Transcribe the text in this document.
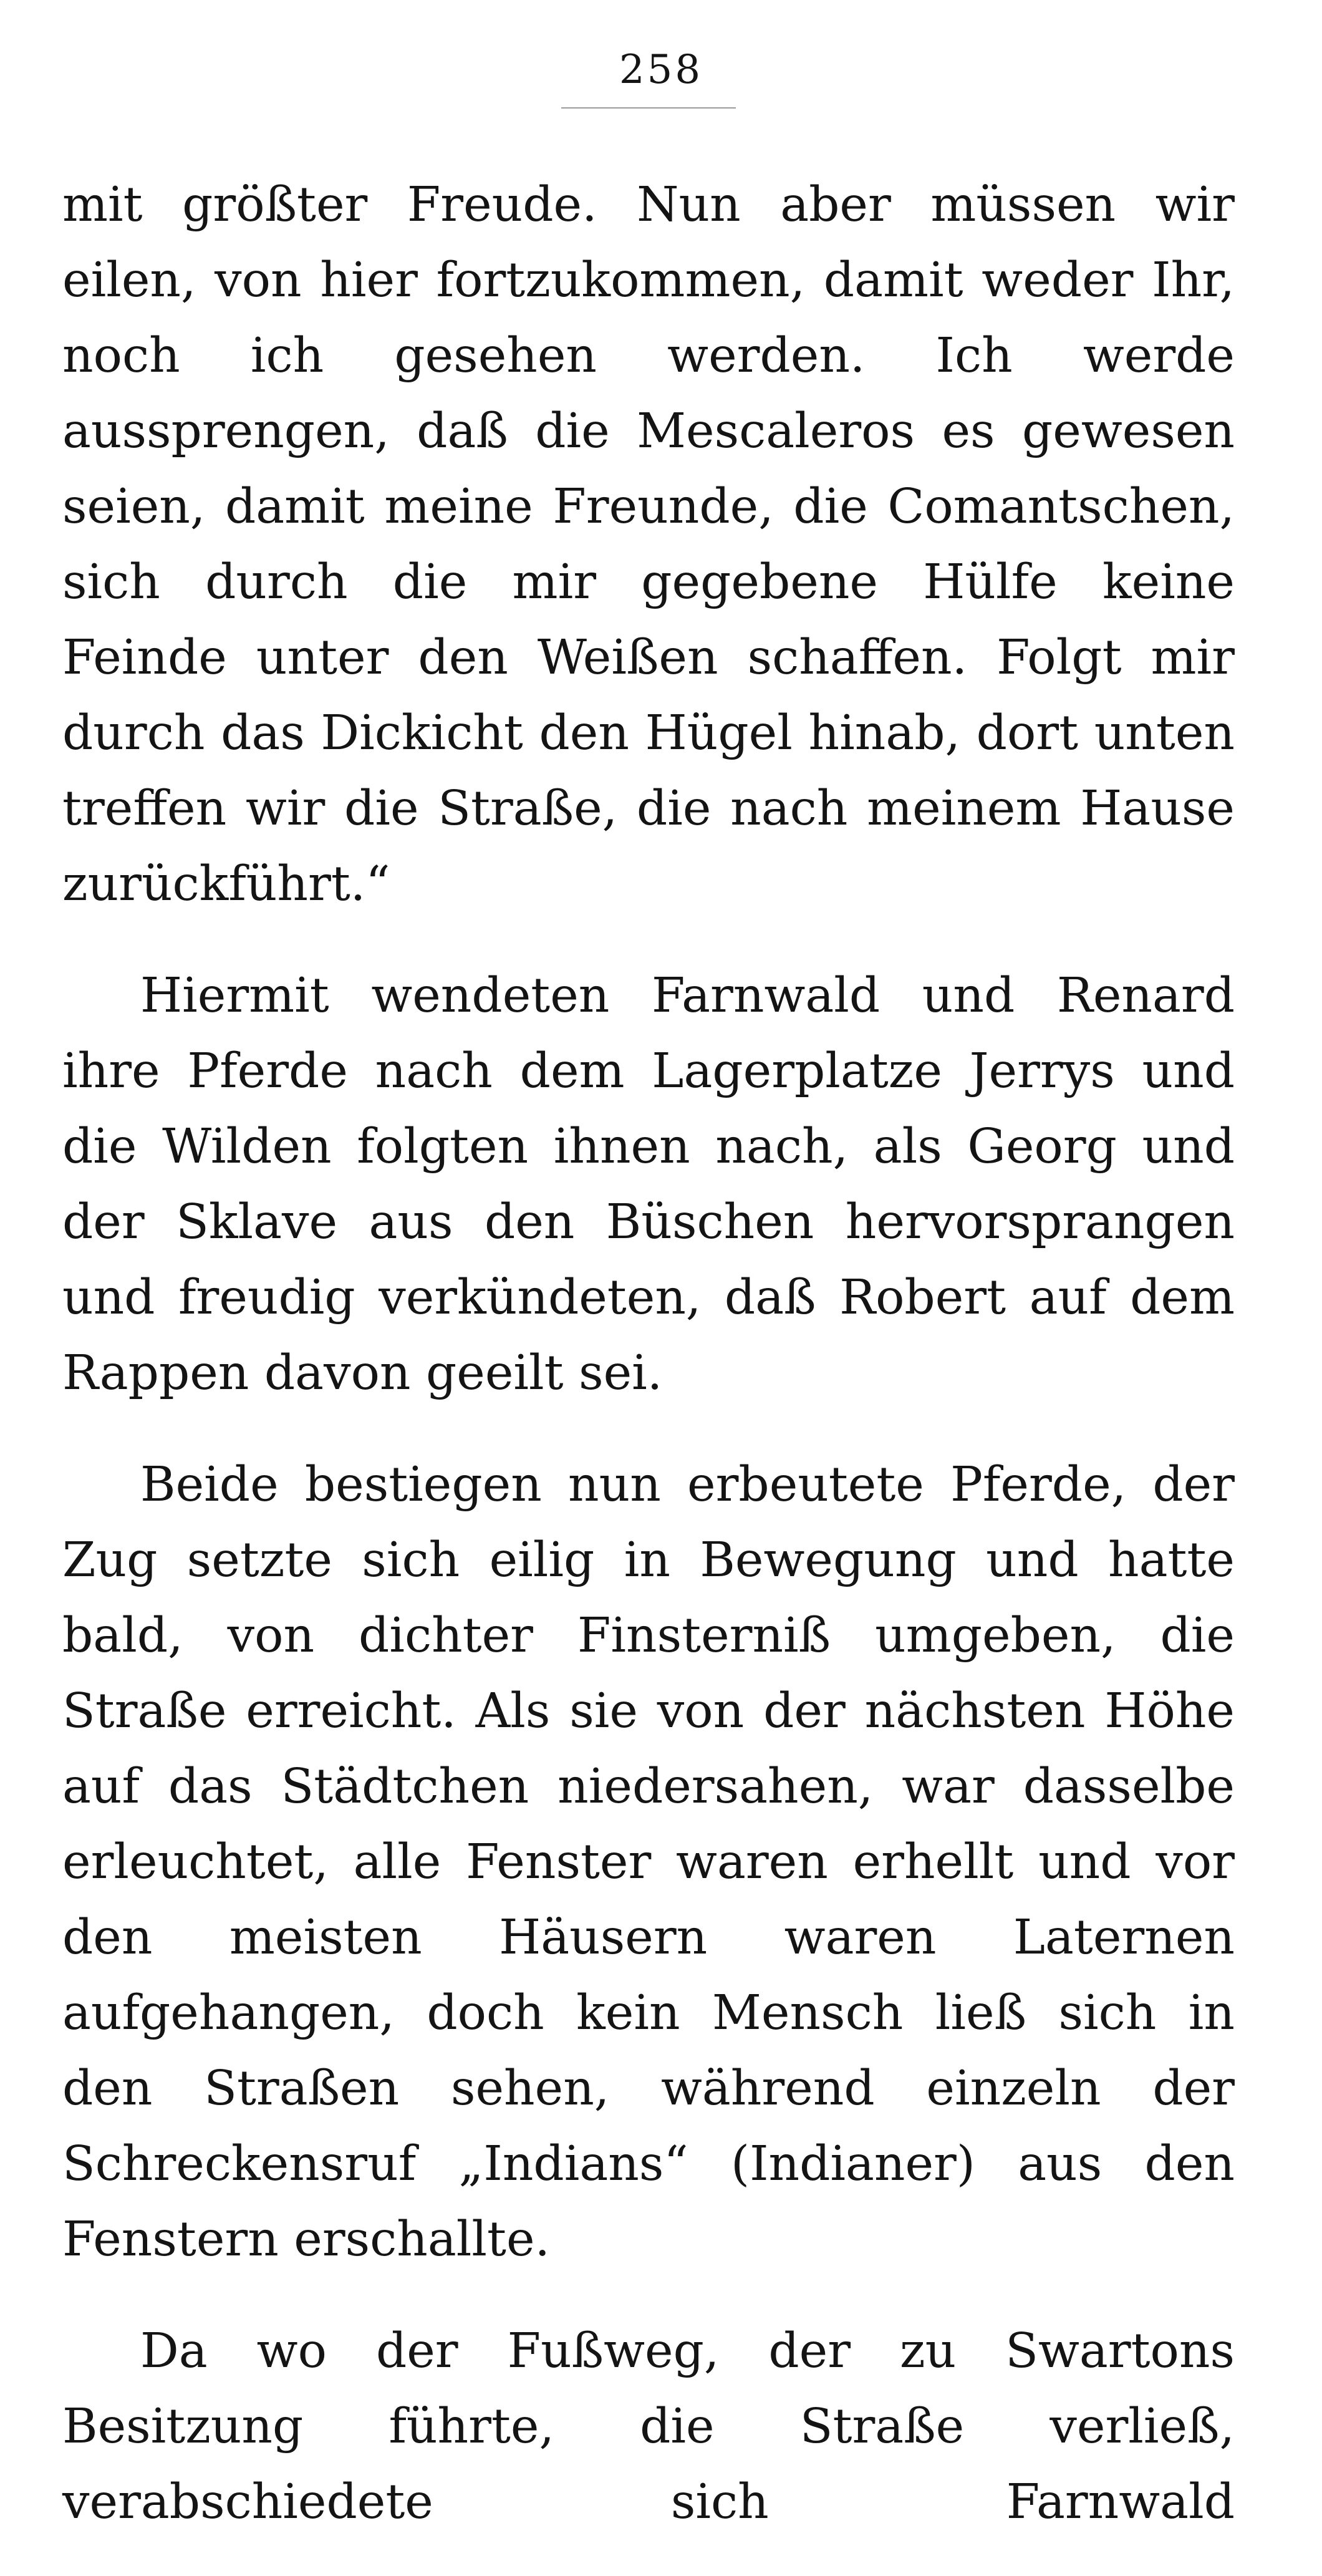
258

mit größter Freude. Nun aber müssen wir eilen, von hier fortzukommen, damit weder Ihr, noch ich gesehen werden. Ich werde aussprengen, daß die Mescaleros es gewesen seien, damit meine Freunde, die Comantschen, sich durch die mir gegebene Hülfe keine Feinde unter den Weißen schaffen. Folgt mir durch das Dickicht den Hügel hinab, dort unten treffen wir die Straße, die nach meinem Hause zurückführt.“

Hiermit wendeten Farnwald und Renard ihre Pferde nach dem Lagerplatze Jerrys und die Wilden folgten ihnen nach, als Georg und der Sklave aus den Büschen hervorsprangen und freudig verkündeten, daß Robert auf dem Rappen davon geeilt sei.

Beide bestiegen nun erbeutete Pferde, der Zug setzte sich eilig in Bewegung und hatte bald, von dichter Finsterniß umgeben, die Straße erreicht. Als sie von der nächsten Höhe auf das Städtchen niedersahen, war dasselbe erleuchtet, alle Fenster waren erhellt und vor den meisten Häusern waren Laternen aufgehangen, doch kein Mensch ließ sich in den Straßen sehen, während einzeln der Schreckensruf „Indians“ (Indianer) aus den Fenstern erschallte.

Da wo der Fußweg, der zu Swartons Besitzung führte, die Straße verließ, verabschiedete sich Farnwald
